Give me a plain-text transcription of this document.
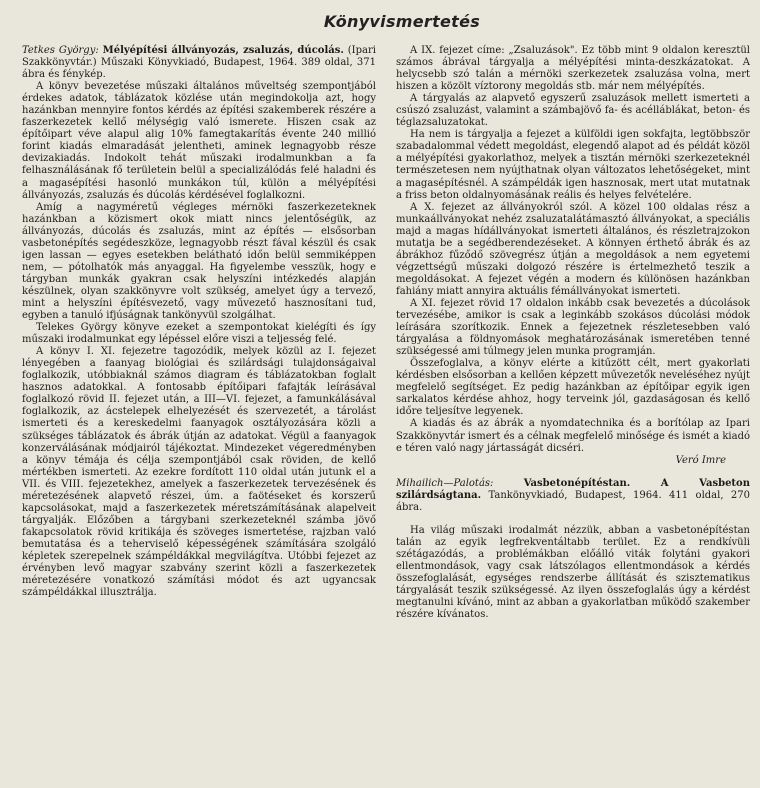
Könyvismertetés

Tetkes György: Mélyépítési állványozás, zsaluzás, dúcolás. (Ipari Szakkönyvtár.) Műszaki Könyvkiadó, Budapest, 1964. 389 oldal, 371 ábra és fénykép.

A könyv bevezetése műszaki általános műveltség szempontjából érdekes adatok, táblázatok közlése után megindokolja azt, hogy hazánkban mennyire fontos kérdés az építési szakemberek részére a faszerkezetek kellő mélységig való ismerete. Hiszen csak az építőipart véve alapul alig 10% famegtakarítás évente 240 millió forint kiadás elmaradását jelentheti, aminek legnagyobb része devizakiadás. Indokolt tehát műszaki irodalmunkban a fa felhasználásának fő területein belül a specializálódás felé haladni és a magasépítési hasonló munkákon túl, külön a mélyépítési állványozás, zsaluzás és dúcolás kérdésével foglalkozni.

Amíg a nagyméretű végleges mérnöki faszerkezeteknek hazánkban a közismert okok miatt nincs jelentőségük, az állványozás, dúcolás és zsaluzás, mint az építés — elsősorban vasbetonépítés segédeszköze, legnagyobb részt fával készül és csak igen lassan — egyes esetekben belátható időn belül semmiképpen nem, — pótolhatók más anyaggal. Ha figyelembe vesszük, hogy e tárgyban munkák gyakran csak helyszíni intézkedés alapján készülnek, olyan szakkönyvre volt szükség, amelyet úgy a tervező, mint a helyszíni építésvezető, vagy művezető hasznosítani tud, egyben a tanuló ifjúságnak tankönyvül szolgálhat.

Telekes György könyve ezeket a szempontokat kielégíti és így műszaki irodalmunkat egy lépéssel előre viszi a teljesség felé.

A könyv I. XI. fejezetre tagozódik, melyek közül az I. fejezet lényegében a faanyag biológiai és szilárdsági tulajdonságaival foglalkozik, utóbbiaknál számos diagram és táblázatokban foglalt hasznos adatokkal. A fontosabb építőipari fafajták leírásával foglalkozó rövid II. fejezet után, a III—VI. fejezet, a famunkálásával foglalkozik, az ácstelepek elhelyezését és szervezetét, a tárolást ismerteti és a kereskedelmi faanyagok osztályozására közli a szükséges táblázatok és ábrák útján az adatokat. Végül a faanyagok konzerválásának módjairól tájékoztat. Mindezeket végeredményben a könyv témája és célja szempontjából csak röviden, de kellő mértékben ismerteti. Az ezekre fordított 110 oldal után jutunk el a VII. és VIII. fejezetekhez, amelyek a faszerkezetek tervezésének és méretezésének alapvető részei, úm. a faötéseket és korszerű kapcsolásokat, majd a faszerkezetek méretszámításának alapelveit tárgyalják. Előzőben a tárgybani szerkezeteknél számba jövő fakapcsolatok rövid kritikája és szöveges ismertetése, rajzban való bemutatása és a teherviselő képességének számítására szolgáló képletek szerepelnek számpéldákkal megvilágítva. Utóbbi fejezet az érvényben levő magyar szabvány szerint közli a faszerkezetek méretezésére vonatkozó számítási módot és azt ugyancsak számpéldákkal illusztrálja.

A IX. fejezet címe: „Zsaluzások". Ez több mint 9 oldalon keresztül számos ábrával tárgyalja a mélyépítési minta-deszkázatokat. A helycsebb szó talán a mérnöki szerkezetek zsaluzása volna, mert hiszen a közölt víztorony megoldás stb. már nem mélyépítés.

A tárgyalás az alapvető egyszerű zsaluzások mellett ismerteti a csúszó zsaluzást, valamint a számbajövő fa- és acélláblákat, beton- és téglazsaluzatokat.

Ha nem is tárgyalja a fejezet a külföldi igen sokfajta, legtöbbször szabadalommal védett megoldást, elegendő alapot ad és példát közöl a mélyépítési gyakorlathoz, melyek a tisztán mérnöki szerkezeteknél természetesen nem nyújthatnak olyan változatos lehetőségeket, mint a magasépítésnél. A számpéldák igen hasznosak, mert utat mutatnak a friss beton oldalnyomásának reális és helyes felvételére.

A X. fejezet az állványokról szól. A közel 100 oldalas rész a munkaállványokat nehéz zsaluzatalátámasztó állványokat, a speciális majd a magas hídállványokat ismerteti általános, és részletrajzokon mutatja be a segédberendezéseket. A könnyen érthető ábrák és az ábrákhoz fűződő szövegrész útján a megoldások a nem egyetemi végzettségű műszaki dolgozó részére is értelmezhető teszik a megoldásokat. A fejezet végén a modern és különösen hazánkban fahiány miatt annyira aktuális fémállványokat ismerteti.

A XI. fejezet rövid 17 oldalon inkább csak bevezetés a dúcolások tervezésébe, amikor is csak a leginkább szokásos dúcolási módok leírására szorítkozik. Ennek a fejezetnek részletesebben való tárgyalása a földnyomások meghatározásának ismeretében tenné szükségessé ami túlmegy jelen munka programján.

Összefoglalva, a könyv elérte a kitűzött célt, mert gyakorlati kérdésben elsősorban a kellően képzett művezetők neveléséhez nyújt megfelelő segítséget. Ez pedig hazánkban az építőipar egyik igen sarkalatos kérdése ahhoz, hogy terveink jól, gazdaságosan és kellő időre teljesítve legyenek.

A kiadás és az ábrák a nyomdatechnika és a borítólap az Ipari Szakkönyvtár ismert és a célnak megfelelő minősége és ismét a kiadó e téren való nagy jártasságát dicséri.

Veró Imre

Mihailich—Palotás:	Vasbetonépítéstan. A Vasbeton szilárdságtana. Tankönyvkiadó, Budapest, 1964. 411 oldal, 270 ábra.

Ha világ műszaki irodalmát nézzük, abban a vasbetonépítéstan talán az egyik legfrekventáltabb terület. Ez a rendkívüli szétágazódás, a problémákban előálló viták folytáni gyakori ellentmondások, vagy csak látszólagos ellentmondások a kérdés összefoglalását, egységes rendszerbe állítását és szisztematikus tárgyalását teszik szükségessé. Az ilyen összefoglalás úgy a kérdést megtanulni kívánó, mint az abban a gyakorlatban működő szakember részére kívánatos.
